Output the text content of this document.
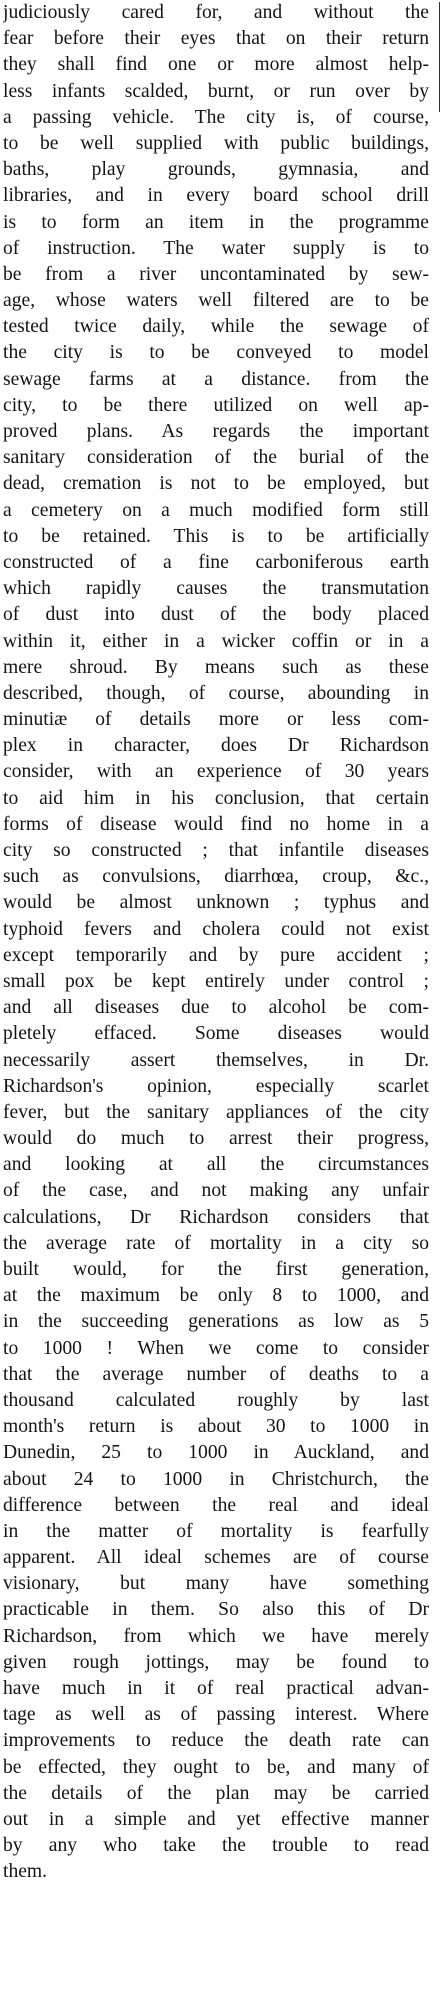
judiciously cared for, and without the
fear before their eyes that on their return
they shall find one or more almost help-
less infants scalded, burnt, or run over by
a passing vehicle. The city is, of course,
to be well supplied with public buildings,
baths, play grounds, gymnasia, and
libraries, and in every board school drill
is to form an item in the programme
of instruction. The water supply is to
be from a river uncontaminated by sew-
age, whose waters well filtered are to be
tested twice daily, while the sewage of
the city is to be conveyed to model
sewage farms at a distance. from the
city, to be there utilized on well ap-
proved plans. As regards the important
sanitary consideration of the burial of the
dead, cremation is not to be employed, but
a cemetery on a much modified form still
to be retained. This is to be artificially
constructed of a fine carboniferous earth
which rapidly causes the transmutation
of dust into dust of the body placed
within it, either in a wicker coffin or in a
mere shroud. By means such as these
described, though, of course, abounding in
minutiæ of details more or less com-
plex in character, does Dr Richardson
consider, with an experience of 30 years
to aid him in his conclusion, that certain
forms of disease would find no home in a
city so constructed ; that infantile diseases
such as convulsions, diarrhœa, croup, &c.,
would be almost unknown ; typhus and
typhoid fevers and cholera could not exist
except temporarily and by pure accident ;
small pox be kept entirely under control ;
and all diseases due to alcohol be com-
pletely effaced. Some diseases would
necessarily assert themselves, in Dr.
Richardson's opinion, especially scarlet
fever, but the sanitary appliances of the city
would do much to arrest their progress,
and looking at all the circumstances
of the case, and not making any unfair
calculations, Dr Richardson considers that
the average rate of mortality in a city so
built would, for the first generation,
at the maximum be only 8 to 1000, and
in the succeeding generations as low as 5
to 1000 ! When we come to consider
that the average number of deaths to a
thousand calculated roughly by last
month's return is about 30 to 1000 in
Dunedin, 25 to 1000 in Auckland, and
about 24 to 1000 in Christchurch, the
difference between the real and ideal
in the matter of mortality is fearfully
apparent. All ideal schemes are of course
visionary, but many have something
practicable in them. So also this of Dr
Richardson, from which we have merely
given rough jottings, may be found to
have much in it of real practical advan-
tage as well as of passing interest. Where
improvements to reduce the death rate can
be effected, they ought to be, and many of
the details of the plan may be carried
out in a simple and yet effective manner
by any who take the trouble to read
them.
